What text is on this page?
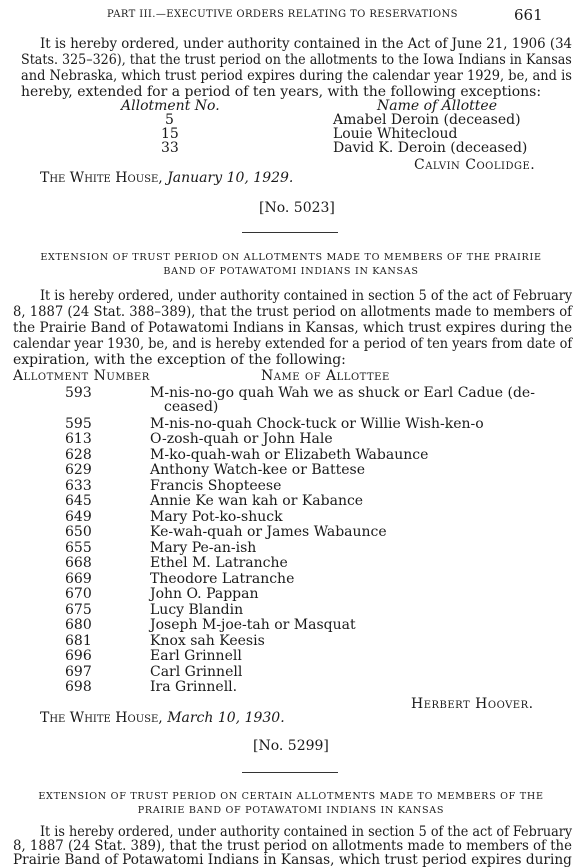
PART III.—EXECUTIVE ORDERS RELATING TO RESERVATIONS	661
It is hereby ordered, under authority contained in the Act of June 21, 1906 (34
Stats. 325–326), that the trust period on the allotments to the Iowa Indians in Kansas
and Nebraska, which trust period expires during the calendar year 1929, be, and is
hereby, extended for a period of ten years, with the following exceptions:
Allotment No.	Name of Allottee
5	Amabel Deroin (deceased)
15	Louie Whitecloud
33	David K. Deroin (deceased)
Calvin Coolidge.
The White House, January 10, 1929.
[No. 5023]
EXTENSION OF TRUST PERIOD ON ALLOTMENTS MADE TO MEMBERS OF THE PRAIRIE
BAND OF POTAWATOMI INDIANS IN KANSAS
It is hereby ordered, under authority contained in section 5 of the act of February
8, 1887 (24 Stat. 388–389), that the trust period on allotments made to members of
the Prairie Band of Potawatomi Indians in Kansas, which trust expires during the
calendar year 1930, be, and is hereby extended for a period of ten years from date of
expiration, with the exception of the following:
Allotment Number	Name of Allottee
593	M-nis-no-go quah Wah we as shuck or Earl Cadue (de-
ceased)
595	M-nis-no-quah Chock-tuck or Willie Wish-ken-o
613	O-zosh-quah or John Hale
628	M-ko-quah-wah or Elizabeth Wabaunce
629	Anthony Watch-kee or Battese
633	Francis Shopteese
645	Annie Ke wan kah or Kabance
649	Mary Pot-ko-shuck
650	Ke-wah-quah or James Wabaunce
655	Mary Pe-an-ish
668	Ethel M. Latranche
669	Theodore Latranche
670	John O. Pappan
675	Lucy Blandin
680	Joseph M-joe-tah or Masquat
681	Knox sah Keesis
696	Earl Grinnell
697	Carl Grinnell
698	Ira Grinnell.
Herbert Hoover.
The White House, March 10, 1930.
[No. 5299]
EXTENSION OF TRUST PERIOD ON CERTAIN ALLOTMENTS MADE TO MEMBERS OF THE
PRAIRIE BAND OF POTAWATOMI INDIANS IN KANSAS
It is hereby ordered, under authority contained in section 5 of the act of February
8, 1887 (24 Stat. 389), that the trust period on allotments made to members of the
Prairie Band of Potawatomi Indians in Kansas, which trust period expires during
